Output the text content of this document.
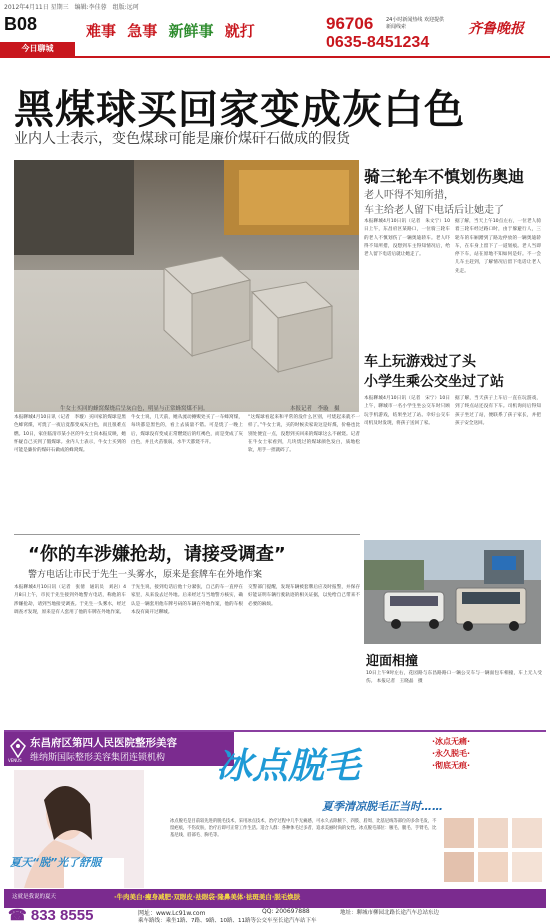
2012年4月11日 星期三　编辑:李佳蓉　组版:远珂
B08
今日聊城
难事 急事 新鲜事 就打	96706
0635-8451234
24小时新闻热线 欢迎提供新闻线索	齐鲁晚报
黑煤球买回家变成灰白色
业内人士表示，变色煤球可能是廉价煤矸石做成的假货
牛女士买回的蜂窝煤烧后呈灰白色，明显与正常蜂窝煤不同。	本报记者　李璇　摄
本报聊城4月10日讯（记者　李璇）买回家的煤球是黑色蜂窝煤，可烧了一夜后竟都变成灰白色，而且很难点燃。10日，家住临清市某小区的牛女士向本报反映，她怀疑自己买到了假煤球。业内人士表示，牛女士买到的可能是廉价的煤矸石做成的蜂窝煤。
牛女士说，几天前，她从流动摊贩处买了一车蜂窝煤，每块都是黑色的，看上去质量不错。可是烧了一晚上后，煤球没有变成正常燃烧后的红褐色，而是变成了灰白色，并且火苗很弱，水半天都烧不开。
“这煤球看起来和平常的没什么区别，可烧起来就不一样了。”牛女士说，买的时候卖家说这是好煤，价格也比别处便宜一点，没想到买回来的煤球这么不耐烧。记者在牛女士家看到，几块烧过的煤球颜色发白，质地松软，用手一捏就碎了。
骑三轮车不慎划伤奥迪
老人吓得不知所措，
车主给老人留下电话后让她走了
本报聊城4月10日讯（记者　朱文宁）10日上午，东昌府区某路口，一位骑三轮车的老人不慎划伤了一辆奥迪轿车。老人吓得不知所措，没想到车主得知情况后，给老人留下电话后就让她走了。
据了解，当天上午10点左右，一位老人骑着三轮车经过路口时，由于躲避行人，三轮车的车厢蹭到了路边停放的一辆奥迪轿车，在车身上留下了一道划痕。老人当即停下车，站在原地不知如何是好。不一会儿车主赶到，了解情况后留下电话让老人先走。
车上玩游戏过了头
小学生乘公交坐过了站
本报聊城4月10日讯（记者　宋宁）10日上午，聊城市一名小学生坐公交车时只顾玩手机游戏，结果坐过了站。幸好公交车司机及时发现，将孩子送回了家。
据了解，当天孩子上车后一直在玩游戏，到了终点站还没有下车。司机询问后得知孩子坐过了站，便联系了孩子家长，并把孩子安全送回。
“你的车涉嫌抢劫，请接受调查”
警方电话让市民于先生一头雾水，原来是套牌车在外地作案
本报聊城4月10日讯（记者　张倩　通讯员　刘岩）4月8日上午，市民于先生接到外地警方电话，称他的车涉嫌抢劫，请到当地接受调查。于先生一头雾水，经过调查才发现，原来是有人套用了他的车牌在外地作案。
于先生说，接到电话后他十分紧张，自己的车一直停在家里，从来没去过外地。后来经过与当地警方核实，确认是一辆套用他车牌号码的车辆在外地作案，他的车根本没有离开过聊城。
交警部门提醒，发现车辆被套牌后应及时报警，并保存好能证明车辆行驶轨迹的相关证据，以免给自己带来不必要的麻烦。
迎面相撞
10日上午9时左右，花园路与东昌路路口一辆公交车与一辆面包车相撞，车上无人受伤。 本报记者　王晓晶　摄
VENUS
东昌府区第四人民医院整形美容
维纳斯国际整形美容集团连锁机构 冰点脱毛
·冰点无痛·
·永久脱毛·
·彻底无痕·
夏季清凉脱毛正当时……
夏天“脱”光了舒服
冰点脱毛是目前较先进的脱毛技术，采用冰点技术，治疗过程中几乎无痛感，可永久去除腋下、四肢、唇周、比基尼线等部位的多余毛发，不留疤痕，不伤皮肤，治疗后即可正常工作生活。适合人群：各种体毛过多者、追求美丽时尚的女性。冰点脱毛部位：腋毛、腿毛、手臂毛、比基尼线、唇部毛、胸毛等。
这就是我说的夏天	·牛肉美白·瘦身减肥·双眼皮·祛眼袋·隆鼻美体·祛斑美白·脱毛焕肤
☎ 833 8555	网址：www.Lc91w.com	QQ: 200697888	地址：聊城市柳园北路长途汽车总站东边
乘车路线：乘坐1路、7路、9路、10路、11路等公交车至长途汽车站下车
